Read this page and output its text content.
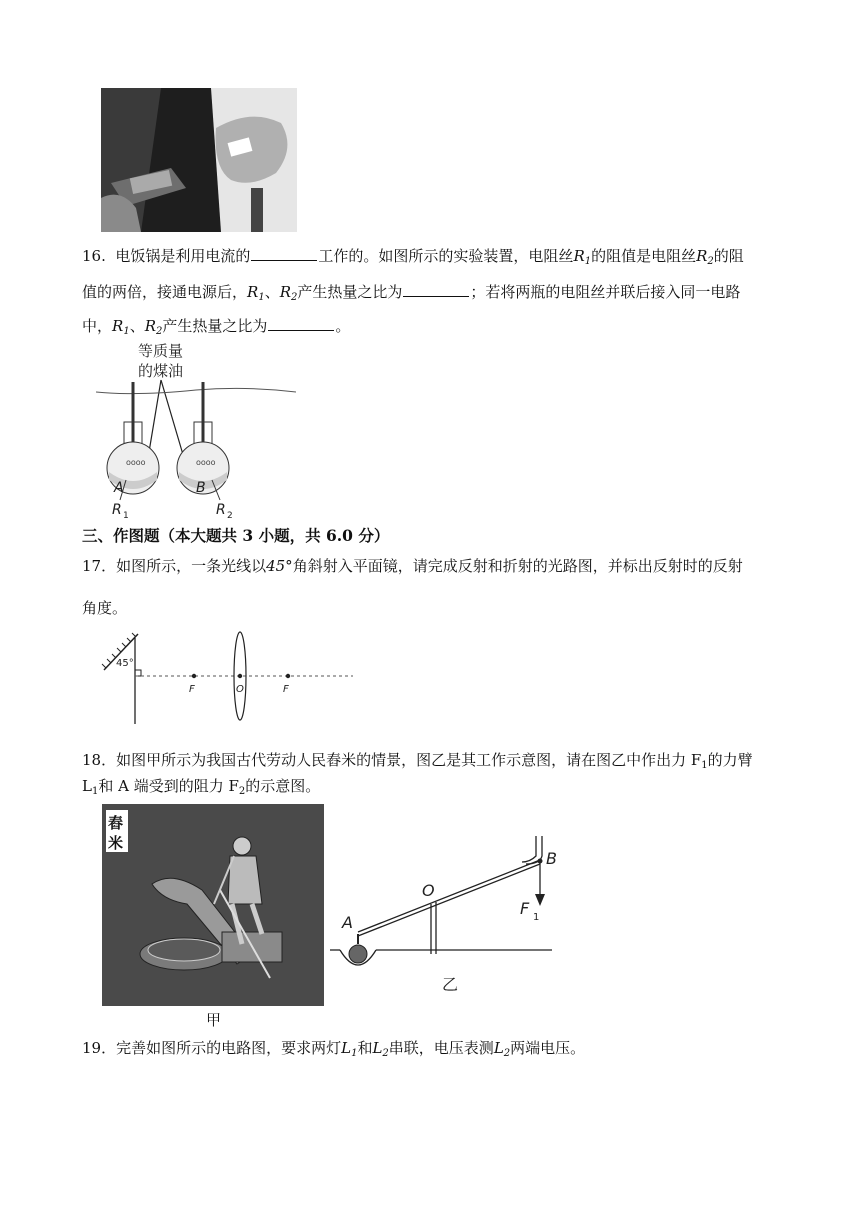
16. 电饭锅是利用电流的	工作的。如图所示的实验装置，电阻丝$R_1$的阻值是电阻丝$R_2$的阻
值的两倍，接通电源后，$R_1$、$R_2$产生热量之比为	；若将两瓶的电阻丝并联后接入同一电路
中，$R_1$、$R_2$产生热量之比为	。
等质量
的煤油
oooo	oooo
A	B
R 1	R 2
三、作图题（本大题共 3 小题，共 6.0 分）
17．如图所示，一条光线以45°角斜射入平面镜，请完成反射和折射的光路图，并标出反射时的反射
角度。
45°
F	O	F
18．如图甲所示为我国古代劳动人民舂米的情景，图乙是其工作示意图，请在图乙中作出力 $F_1$的力臂
$L_1$和 A 端受到的阻力 $F_2$的示意图。
舂
米
甲
B
O
A
F 1
乙
19．完善如图所示的电路图，要求两灯$L_1$和$L_2$串联，电压表测$L_2$两端电压。
